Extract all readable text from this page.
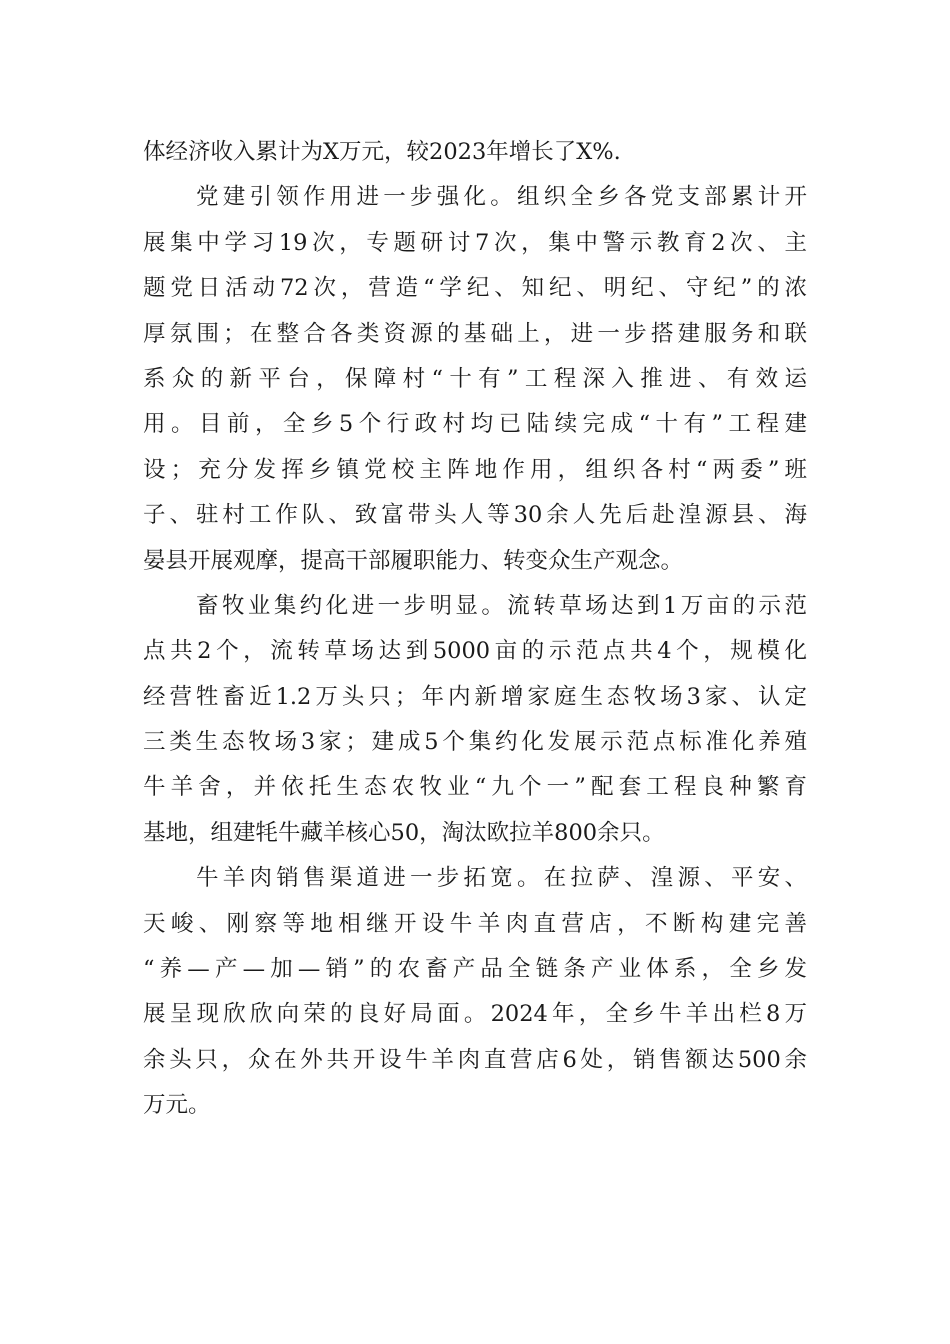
体经济收入累计为X万元，较2023年增长了X%.
党建引领作用进一步强化。组织全乡各党支部累计开
展集中学习19次，专题研讨7次，集中警示教育2次、主
题党日活动72次，营造“学纪、知纪、明纪、守纪”的浓
厚氛围；在整合各类资源的基础上，进一步搭建服务和联
系众的新平台，保障村“十有”工程深入推进、有效运
用。目前，全乡5个行政村均已陆续完成“十有”工程建
设；充分发挥乡镇党校主阵地作用，组织各村“两委”班
子、驻村工作队、致富带头人等30余人先后赴湟源县、海
晏县开展观摩，提高干部履职能力、转变众生产观念。
畜牧业集约化进一步明显。流转草场达到1万亩的示范
点共2个，流转草场达到5000亩的示范点共4个，规模化
经营牲畜近1.2万头只；年内新增家庭生态牧场3家、认定
三类生态牧场3家；建成5个集约化发展示范点标准化养殖
牛羊舍，并依托生态农牧业“九个一”配套工程良种繁育
基地，组建牦牛藏羊核心50，淘汰欧拉羊800余只。
牛羊肉销售渠道进一步拓宽。在拉萨、湟源、平安、
天峻、刚察等地相继开设牛羊肉直营店，不断构建完善
“养—产—加—销”的农畜产品全链条产业体系，全乡发
展呈现欣欣向荣的良好局面。2024年，全乡牛羊出栏8万
余头只，众在外共开设牛羊肉直营店6处，销售额达500余
万元。
